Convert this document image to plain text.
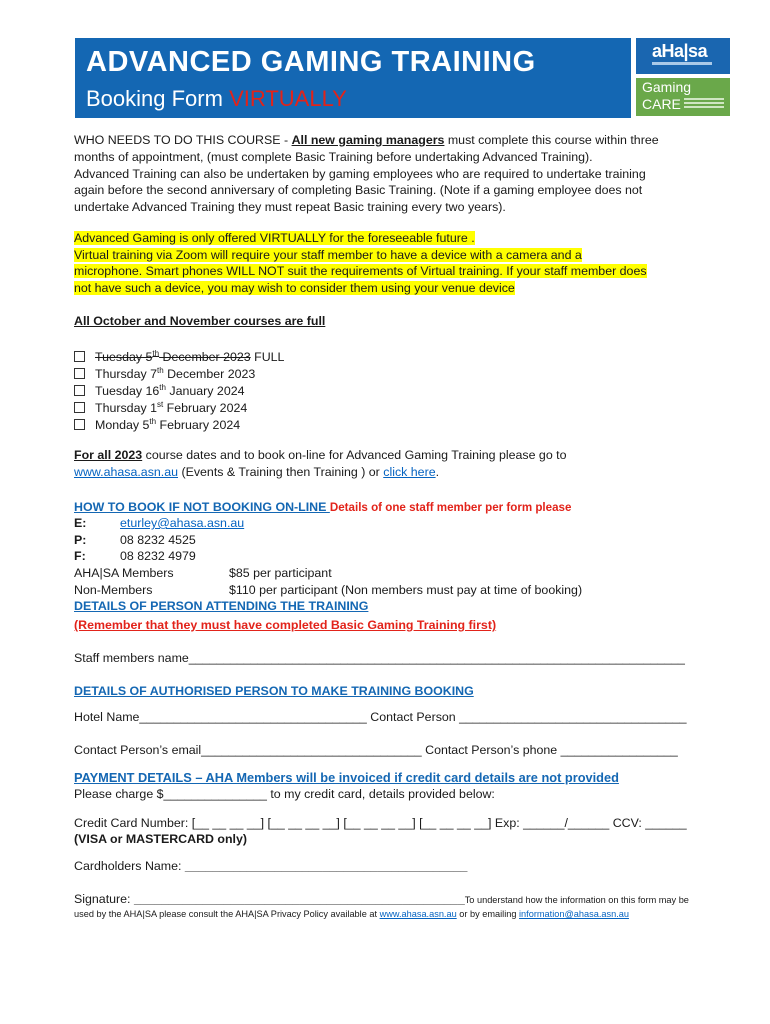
ADVANCED GAMING TRAINING
Booking Form VIRTUALLY
aHa|sa
Gaming
CARE
WHO NEEDS TO DO THIS COURSE - All new gaming managers must complete this course within three
months of appointment, (must complete Basic Training before undertaking Advanced Training).
Advanced Training can also be undertaken by gaming employees who are required to undertake training
again before the second anniversary of completing Basic Training. (Note if a gaming employee does not
undertake Advanced Training they must repeat Basic training every two years).
Advanced Gaming is only offered VIRTUALLY for the foreseeable future .
Virtual training via Zoom will require your staff member to have a device with a camera and a
microphone. Smart phones WILL NOT suit the requirements of Virtual training. If your staff member does
not have such a device, you may wish to consider them using your venue device
All October and November courses are full
Tuesday 5th December 2023 FULL
Thursday 7th December 2023
Tuesday 16th January 2024
Thursday 1st February 2024
Monday 5th February 2024
For all 2023 course dates and to book on-line for Advanced Gaming Training please go to
www.ahasa.asn.au (Events & Training then Training ) or click here.
HOW TO BOOK IF NOT BOOKING ON-LINE Details of one staff member per form please
E:	eturley@ahasa.asn.au
P:	08 8232 4525
F:	08 8232 4979
AHA|SA Members	$85 per participant
Non-Members	$110 per participant (Non members must pay at time of booking)
DETAILS OF PERSON ATTENDING THE TRAINING
(Remember that they must have completed Basic Gaming Training first)
Staff members name________________________________________________________________________
DETAILS OF AUTHORISED PERSON TO MAKE TRAINING BOOKING
Hotel Name_________________________________ Contact Person _________________________________
Contact Person’s email________________________________ Contact Person’s phone _________________
PAYMENT DETAILS – AHA Members will be invoiced if credit card details are not provided
Please charge $_______________ to my credit card, details provided below:
Credit Card Number: [__ __ __ __] [__ __ __ __] [__ __ __ __] [__ __ __ __] Exp: ______/______ CCV: ______
(VISA or MASTERCARD only)
Cardholders Name: _________________________________________
Signature: ________________________________________________To understand how the information on this form may be
used by the AHA|SA please consult the AHA|SA Privacy Policy available at www.ahasa.asn.au or by emailing information@ahasa.asn.au
